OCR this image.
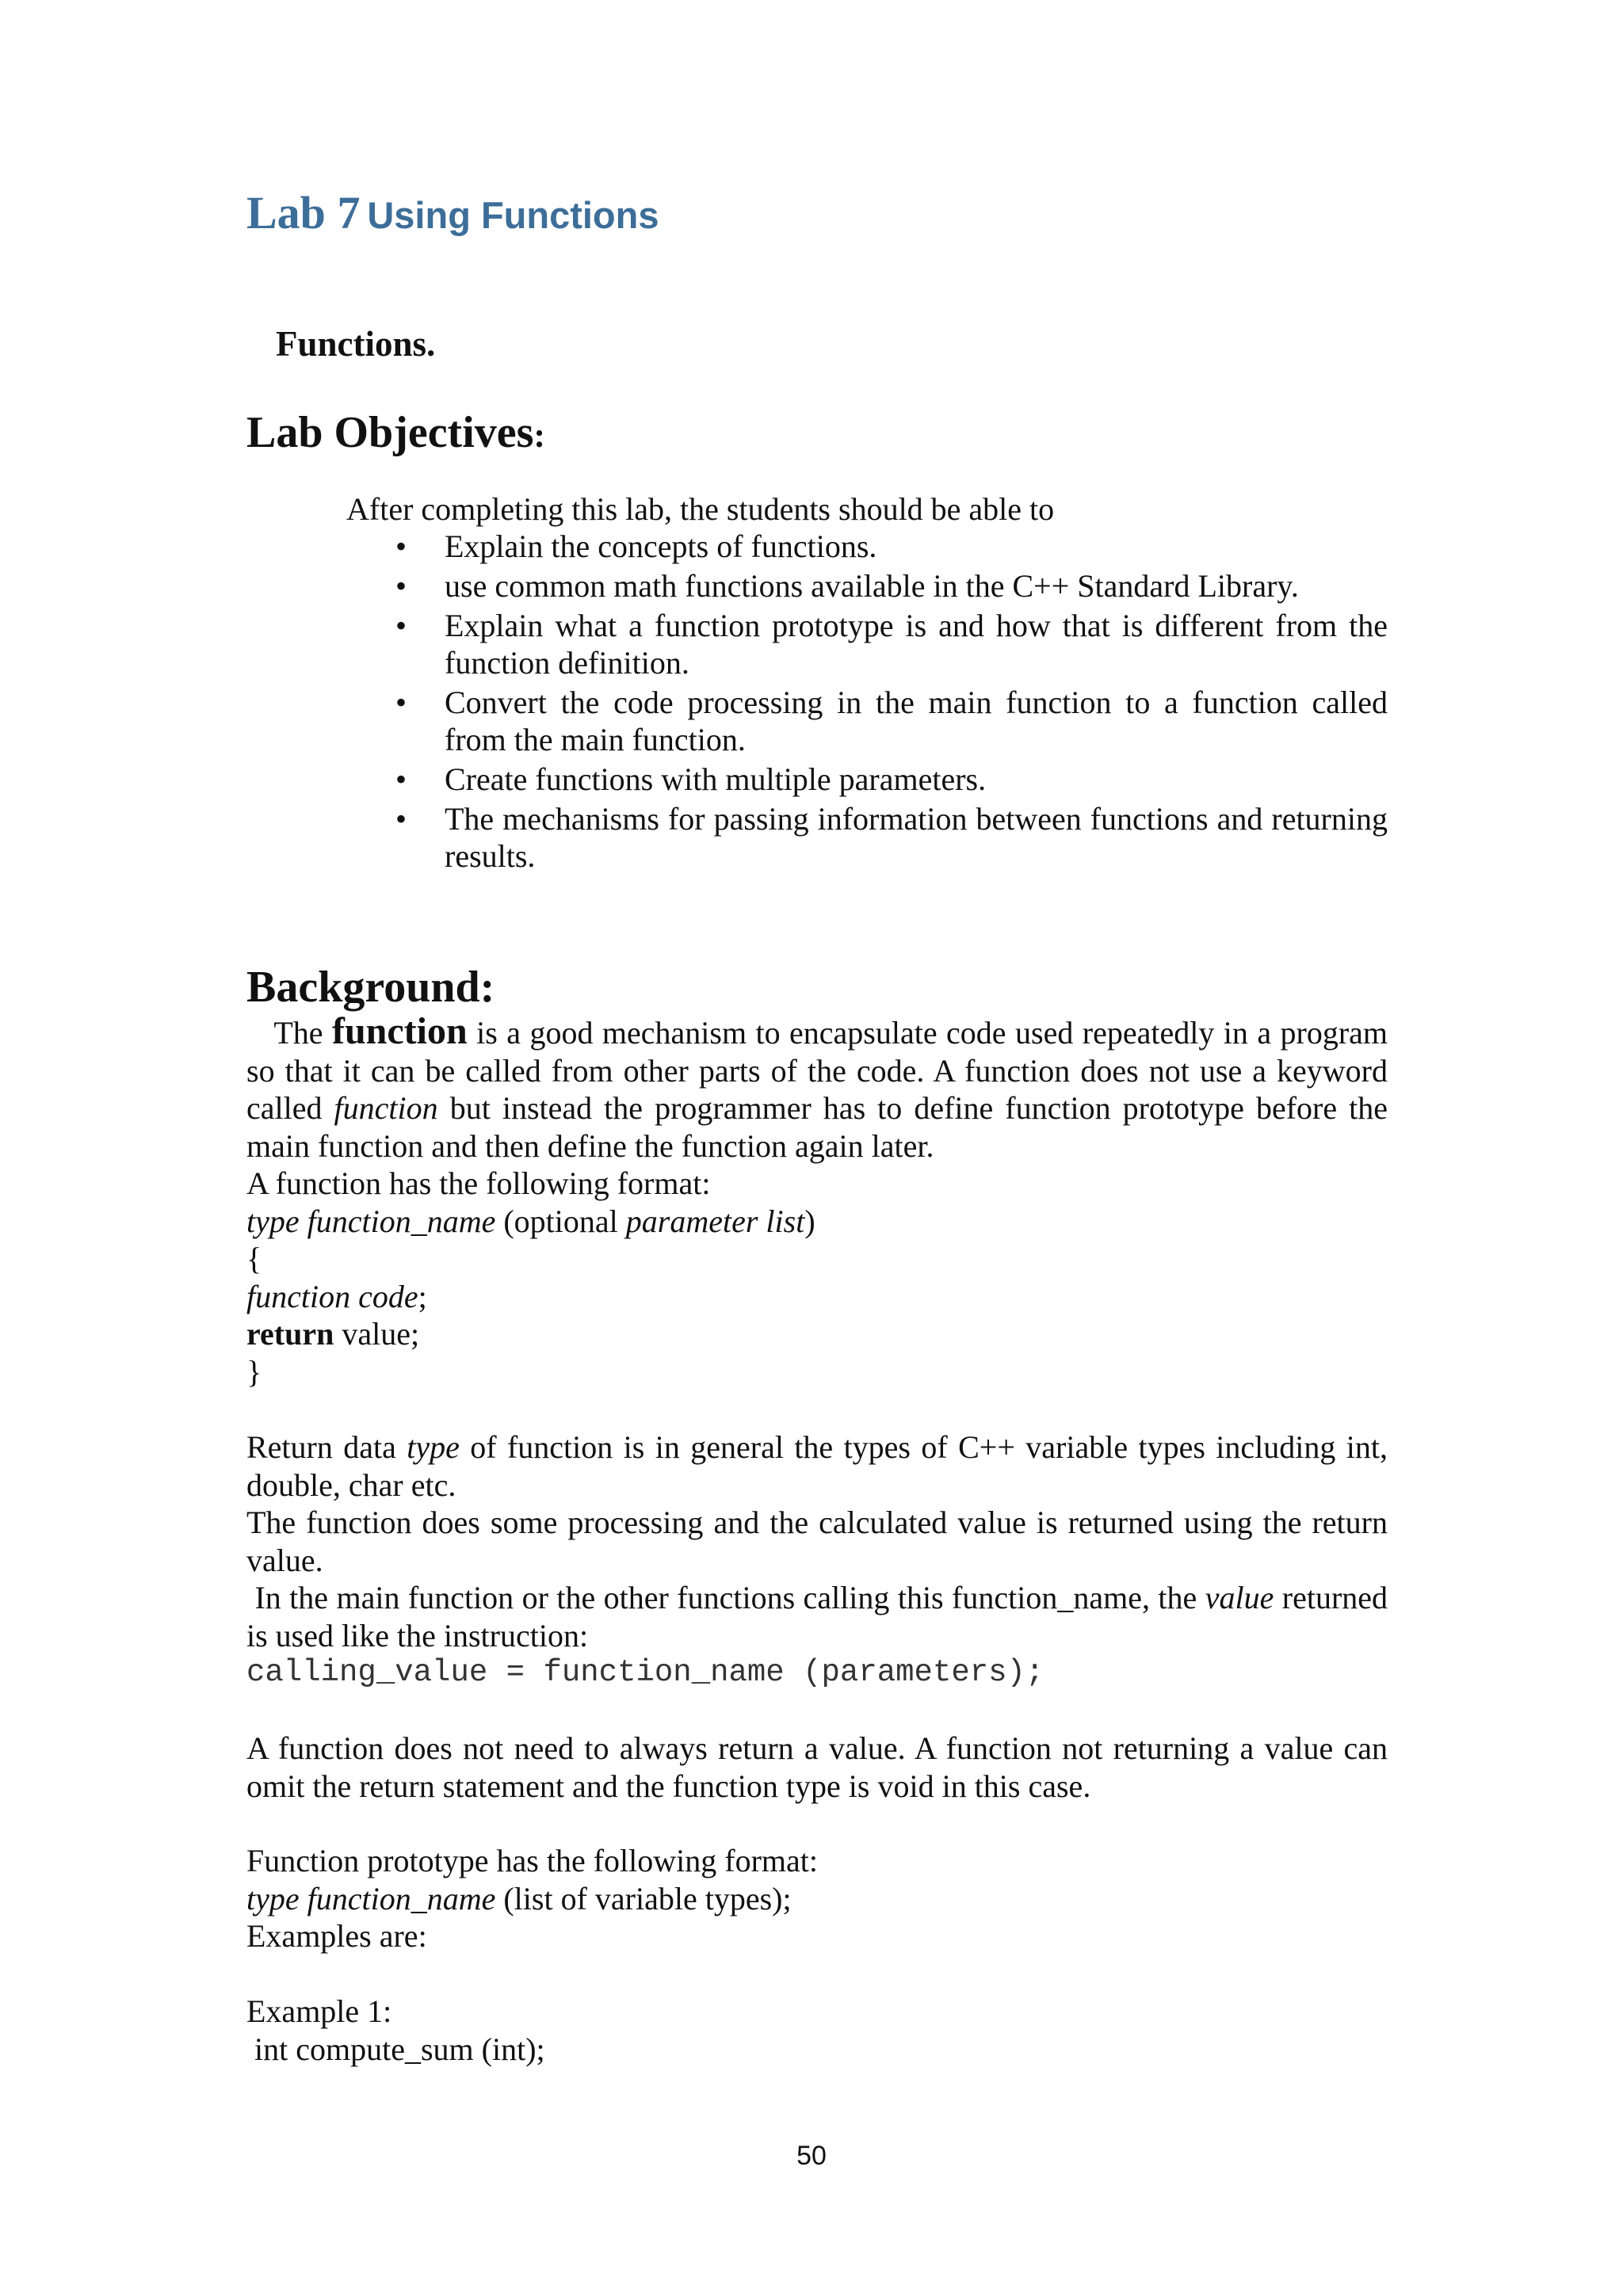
Lab 7 Using Functions
Functions.
Lab Objectives:

After completing this lab, the students should be able to

• Explain the concepts of functions.
• use common math functions available in the C++ Standard Library.
• Explain what a function prototype is and how that is different from the function definition.
• Convert the code processing in the main function to a function called from the main function.
• Create functions with multiple parameters.
• The mechanisms for passing information between functions and returning results.
Background:

The function is a good mechanism to encapsulate code used repeatedly in a program so that it can be called from other parts of the code. A function does not use a keyword called function but instead the programmer has to define function prototype before the main function and then define the function again later.

A function has the following format:
type function_name (optional parameter list)
{
function code;
return value;
}

Return data type of function is in general the types of C++ variable types including int, double, char etc.

The function does some processing and the calculated value is returned using the return value.

In the main function or the other functions calling this function_name, the value returned is used like the instruction:

calling_value = function_name (parameters);

A function does not need to always return a value. A function not returning a value can omit the return statement and the function type is void in this case.

Function prototype has the following format:
type function_name (list of variable types);
Examples are:
Example 1:
int compute_sum (int);
50
